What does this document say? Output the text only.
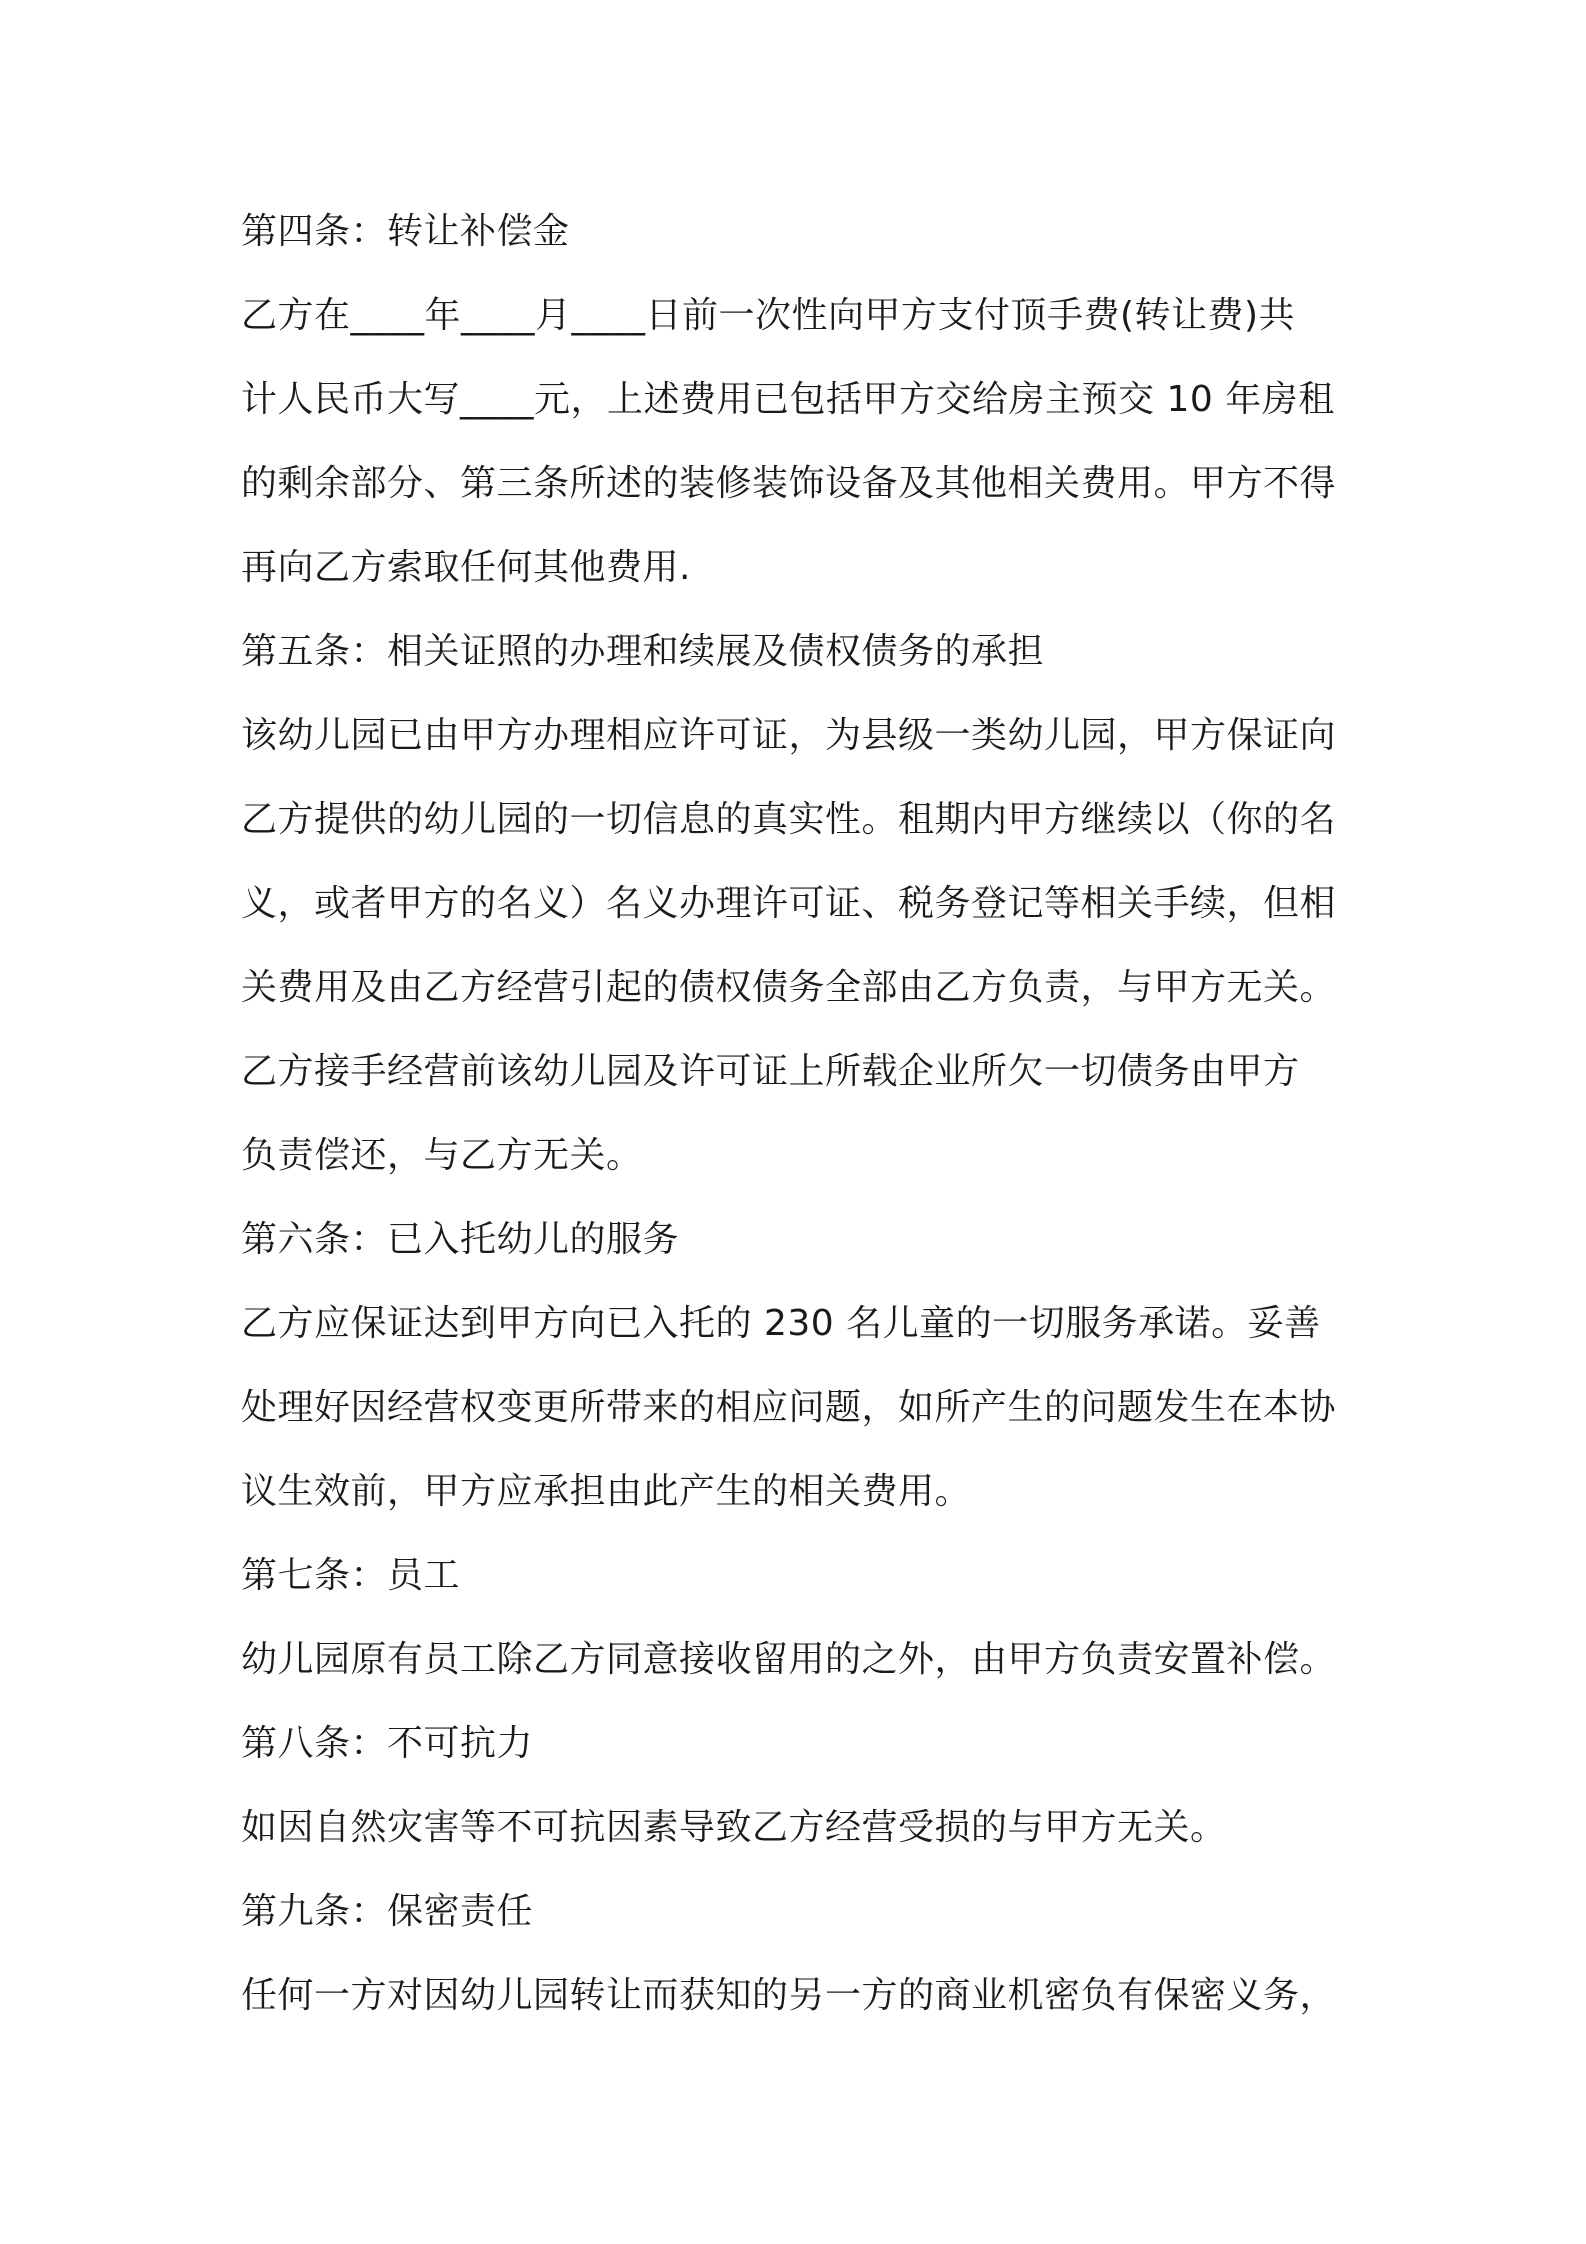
第四条：转让补偿金
乙方在____年____月____日前一次性向甲方支付顶手费(转让费)共
计人民币大写____元，上述费用已包括甲方交给房主预交 10 年房租
的剩余部分、第三条所述的装修装饰设备及其他相关费用。甲方不得
再向乙方索取任何其他费用.
第五条：相关证照的办理和续展及债权债务的承担
该幼儿园已由甲方办理相应许可证，为县级一类幼儿园，甲方保证向
乙方提供的幼儿园的一切信息的真实性。租期内甲方继续以（你的名
义，或者甲方的名义）名义办理许可证、税务登记等相关手续，但相
关费用及由乙方经营引起的债权债务全部由乙方负责，与甲方无关。
乙方接手经营前该幼儿园及许可证上所载企业所欠一切债务由甲方
负责偿还，与乙方无关。
第六条：已入托幼儿的服务
乙方应保证达到甲方向已入托的 230 名儿童的一切服务承诺。妥善
处理好因经营权变更所带来的相应问题，如所产生的问题发生在本协
议生效前，甲方应承担由此产生的相关费用。
第七条：员工
幼儿园原有员工除乙方同意接收留用的之外，由甲方负责安置补偿。
第八条：不可抗力
如因自然灾害等不可抗因素导致乙方经营受损的与甲方无关。
第九条：保密责任
任何一方对因幼儿园转让而获知的另一方的商业机密负有保密义务，
